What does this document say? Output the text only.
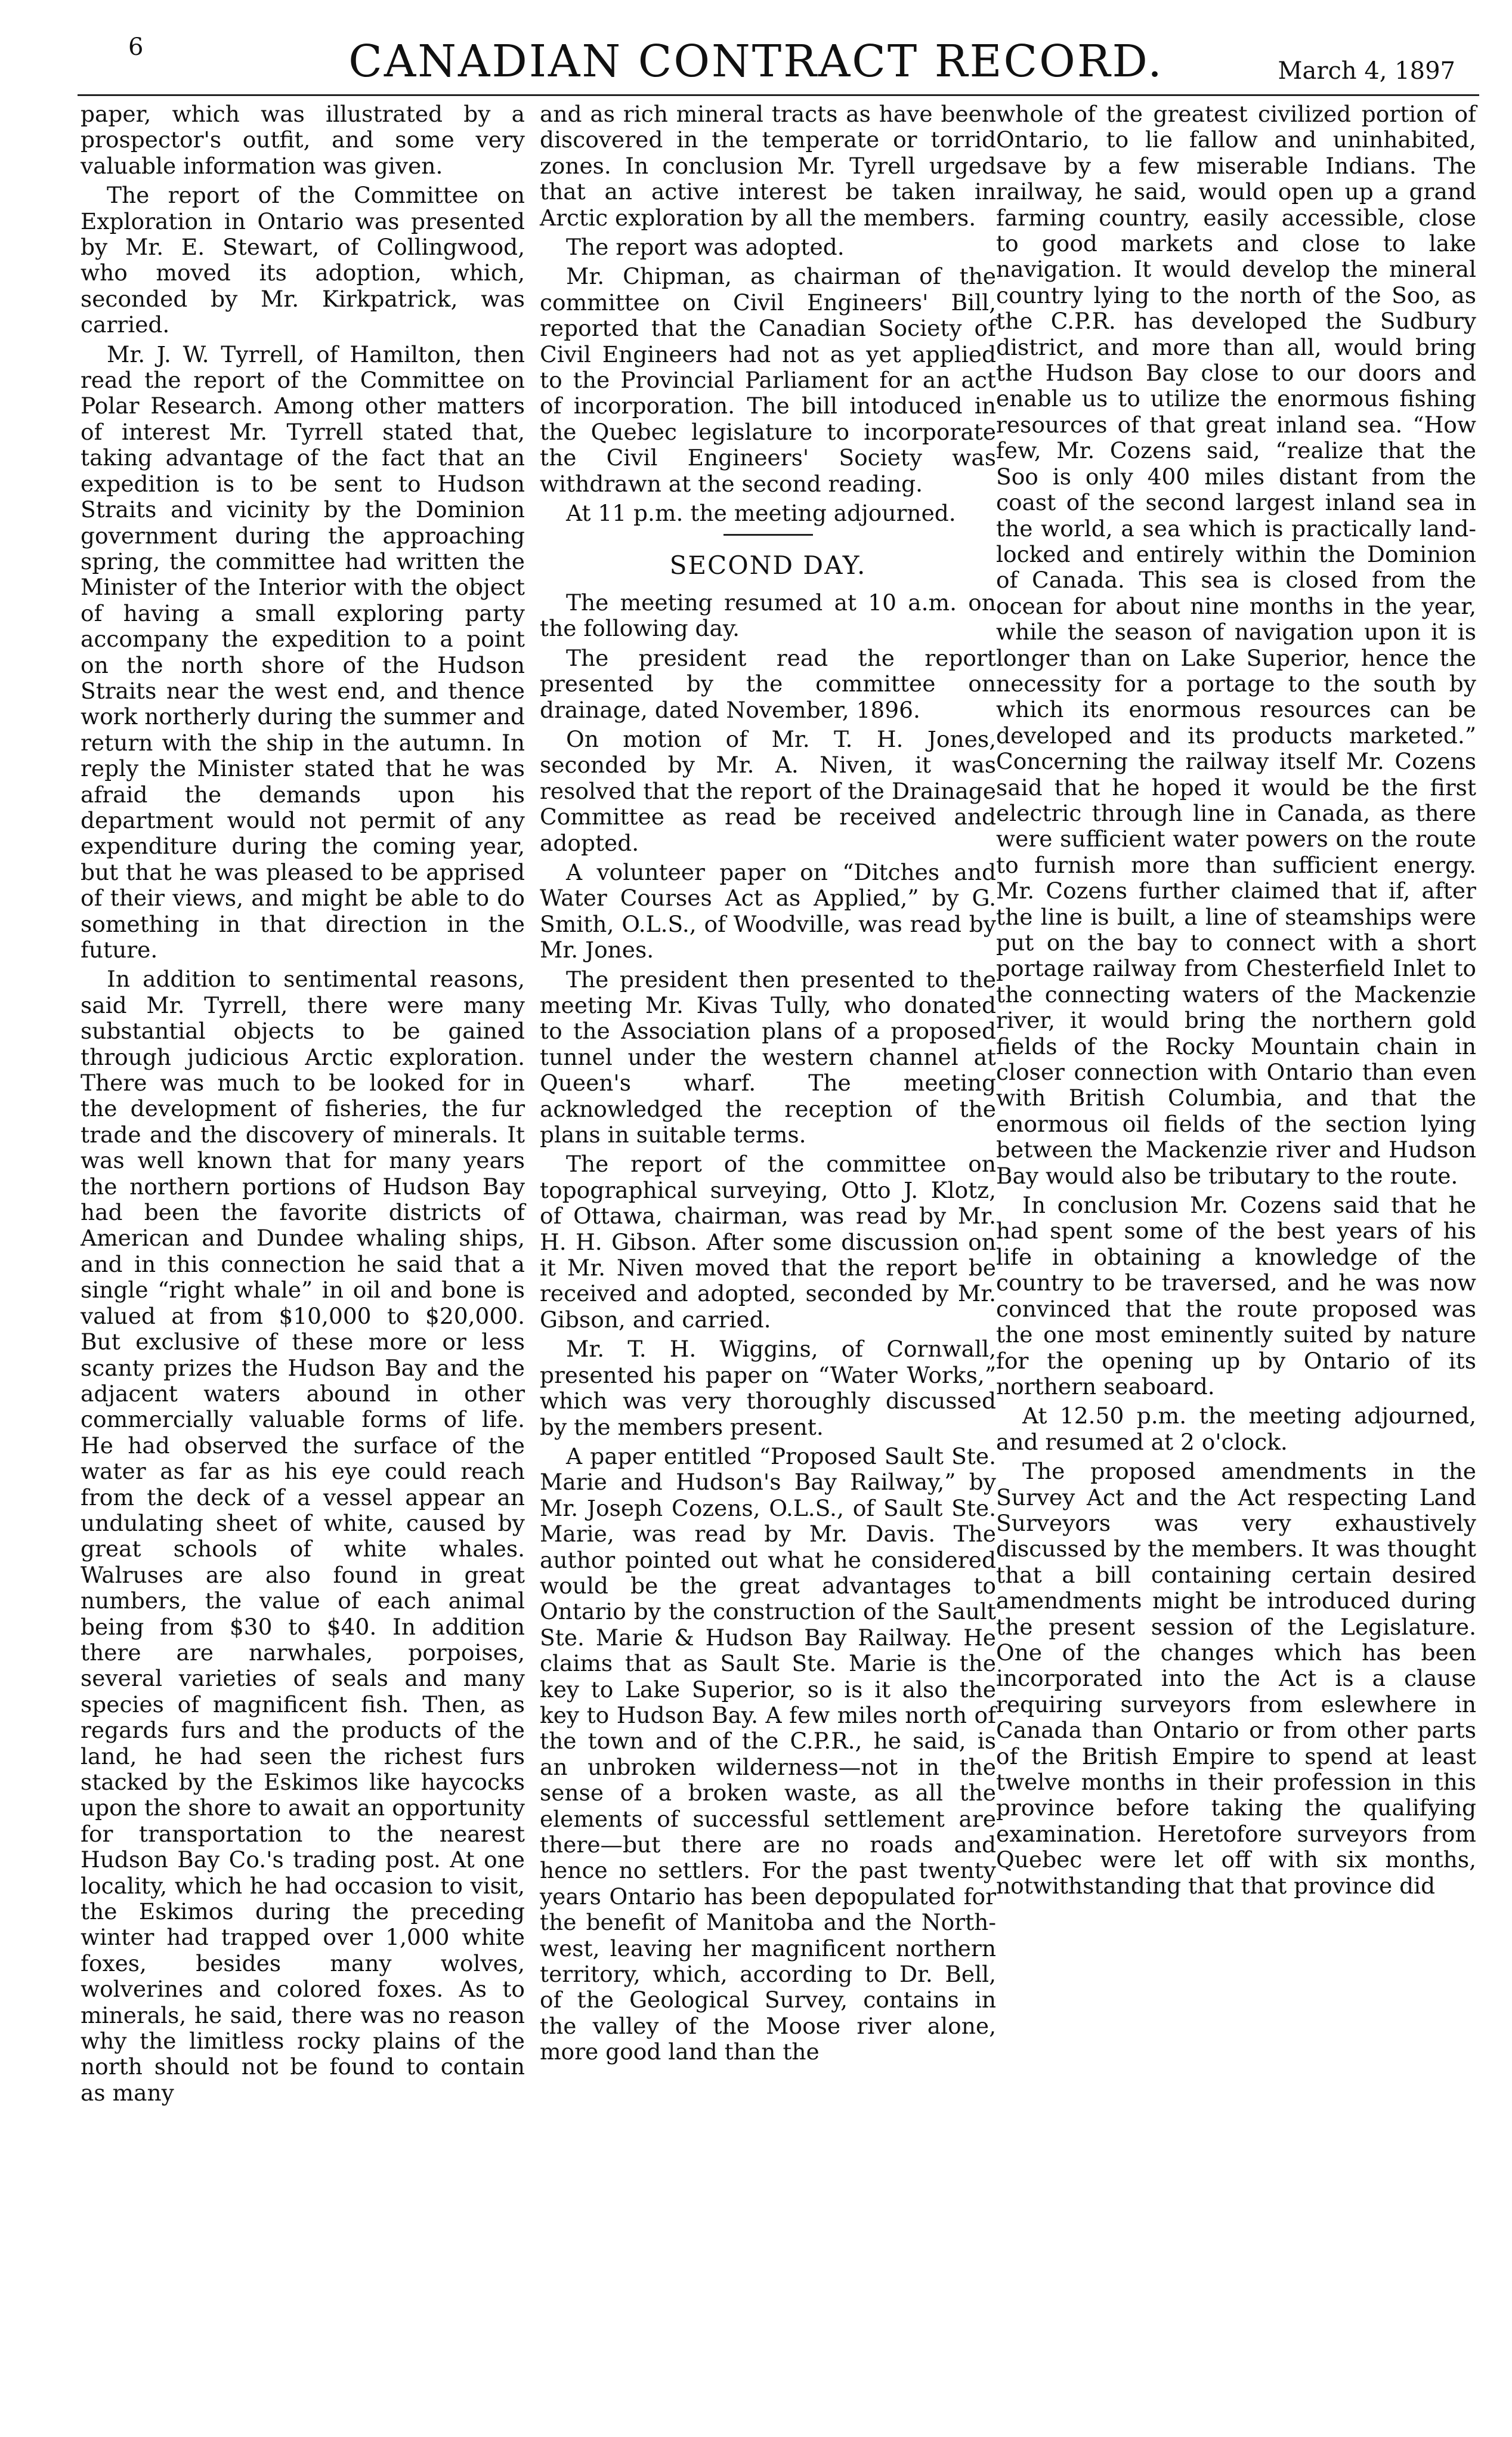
6	CANADIAN CONTRACT RECORD.	March 4, 1897

paper, which was illustrated by a prospector's outfit, and some very valuable information was given.

The report of the Committee on Exploration in Ontario was presented by Mr. E. Stewart, of Collingwood, who moved its adoption, which, seconded by Mr. Kirkpatrick, was carried.

Mr. J. W. Tyrrell, of Hamilton, then read the report of the Committee on Polar Research. Among other matters of interest Mr. Tyrrell stated that, taking advantage of the fact that an expedition is to be sent to Hudson Straits and vicinity by the Dominion government during the approaching spring, the committee had written the Minister of the Interior with the object of having a small exploring party accompany the expedition to a point on the north shore of the Hudson Straits near the west end, and thence work northerly during the summer and return with the ship in the autumn. In reply the Minister stated that he was afraid the demands upon his department would not permit of any expenditure during the coming year, but that he was pleased to be apprised of their views, and might be able to do something in that direction in the future.

In addition to sentimental reasons, said Mr. Tyrrell, there were many substantial objects to be gained through judicious Arctic exploration. There was much to be looked for in the development of fisheries, the fur trade and the discovery of minerals. It was well known that for many years the northern portions of Hudson Bay had been the favorite districts of American and Dundee whaling ships, and in this connection he said that a single “right whale” in oil and bone is valued at from $10,000 to $20,000. But exclusive of these more or less scanty prizes the Hudson Bay and the adjacent waters abound in other commercially valuable forms of life. He had observed the surface of the water as far as his eye could reach from the deck of a vessel appear an undulating sheet of white, caused by great schools of white whales. Walruses are also found in great numbers, the value of each animal being from $30 to $40. In addition there are narwhales, porpoises, several varieties of seals and many species of magnificent fish. Then, as regards furs and the products of the land, he had seen the richest furs stacked by the Eskimos like haycocks upon the shore to await an opportunity for transportation to the nearest Hudson Bay Co.'s trading post. At one locality, which he had occasion to visit, the Eskimos during the preceding winter had trapped over 1,000 white foxes, besides many wolves, wolverines and colored foxes. As to minerals, he said, there was no reason why the limitless rocky plains of the north should not be found to contain as many

and as rich mineral tracts as have been discovered in the temperate or torrid zones. In conclusion Mr. Tyrell urged that an active interest be taken in Arctic exploration by all the members.

The report was adopted.

Mr. Chipman, as chairman of the committee on Civil Engineers' Bill, reported that the Canadian Society of Civil Engineers had not as yet applied to the Provincial Parliament for an act of incorporation. The bill intoduced in the Quebec legislature to incorporate the Civil Engineers' Society was withdrawn at the second reading.

At 11 p.m. the meeting adjourned.

SECOND DAY.

The meeting resumed at 10 a.m. on the following day.

The president read the report presented by the committee on drainage, dated November, 1896.

On motion of Mr. T. H. Jones, seconded by Mr. A. Niven, it was resolved that the report of the Drainage Committee as read be received and adopted.

A volunteer paper on “Ditches and Water Courses Act as Applied,” by G. Smith, O.L.S., of Woodville, was read by Mr. Jones.

The president then presented to the meeting Mr. Kivas Tully, who donated to the Association plans of a proposed tunnel under the western channel at Queen's wharf. The meeting acknowledged the reception of the plans in suitable terms.

The report of the committee on topographical surveying, Otto J. Klotz, of Ottawa, chairman, was read by Mr. H. H. Gibson. After some discussion on it Mr. Niven moved that the report be received and adopted, seconded by Mr. Gibson, and carried.

Mr. T. H. Wiggins, of Cornwall, presented his paper on “Water Works,” which was very thoroughly discussed by the members present.

A paper entitled “Proposed Sault Ste. Marie and Hudson's Bay Railway,” by Mr. Joseph Cozens, O.L.S., of Sault Ste. Marie, was read by Mr. Davis. The author pointed out what he considered would be the great advantages to Ontario by the construction of the Sault Ste. Marie & Hudson Bay Railway. He claims that as Sault Ste. Marie is the key to Lake Superior, so is it also the key to Hudson Bay. A few miles north of the town and of the C.P.R., he said, is an unbroken wilderness—not in the sense of a broken waste, as all the elements of successful settlement are there—but there are no roads and hence no settlers. For the past twenty years Ontario has been depopulated for the benefit of Manitoba and the North-west, leaving her magnificent northern territory, which, according to Dr. Bell, of the Geological Survey, contains in the valley of the Moose river alone, more good land than the

whole of the greatest civilized portion of Ontario, to lie fallow and uninhabited, save by a few miserable Indians. The railway, he said, would open up a grand farming country, easily accessible, close to good markets and close to lake navigation. It would develop the mineral country lying to the north of the Soo, as the C.P.R. has developed the Sudbury district, and more than all, would bring the Hudson Bay close to our doors and enable us to utilize the enormous fishing resources of that great inland sea. “How few, Mr. Cozens said, “realize that the Soo is only 400 miles distant from the coast of the second largest inland sea in the world, a sea which is practically land-locked and entirely within the Dominion of Canada. This sea is closed from the ocean for about nine months in the year, while the season of navigation upon it is longer than on Lake Superior, hence the necessity for a portage to the south by which its enormous resources can be developed and its products marketed.” Concerning the railway itself Mr. Cozens said that he hoped it would be the first electric through line in Canada, as there were sufficient water powers on the route to furnish more than sufficient energy. Mr. Cozens further claimed that if, after the line is built, a line of steamships were put on the bay to connect with a short portage railway from Chesterfield Inlet to the connecting waters of the Mackenzie river, it would bring the northern gold fields of the Rocky Mountain chain in closer connection with Ontario than even with British Columbia, and that the enormous oil fields of the section lying between the Mackenzie river and Hudson Bay would also be tributary to the route.

In conclusion Mr. Cozens said that he had spent some of the best years of his life in obtaining a knowledge of the country to be traversed, and he was now convinced that the route proposed was the one most eminently suited by nature for the opening up by Ontario of its northern seaboard.

At 12.50 p.m. the meeting adjourned, and resumed at 2 o'clock.

The proposed amendments in the Survey Act and the Act respecting Land Surveyors was very exhaustively discussed by the members. It was thought that a bill containing certain desired amendments might be introduced during the present session of the Legislature. One of the changes which has been incorporated into the Act is a clause requiring surveyors from eslewhere in Canada than Ontario or from other parts of the British Empire to spend at least twelve months in their profession in this province before taking the qualifying examination. Heretofore surveyors from Quebec were let off with six months, notwithstanding that that province did
